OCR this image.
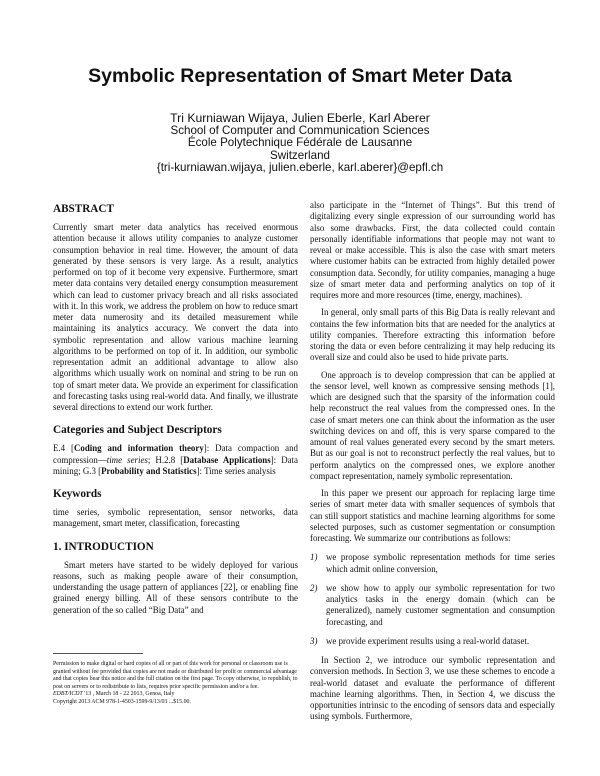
Symbolic Representation of Smart Meter Data
Tri Kurniawan Wijaya, Julien Eberle, Karl Aberer
School of Computer and Communication Sciences
École Polytechnique Fédérale de Lausanne
Switzerland
{tri-kurniawan.wijaya, julien.eberle, karl.aberer}@epfl.ch
ABSTRACT

Currently smart meter data analytics has received enormous attention because it allows utility companies to analyze customer consumption behavior in real time. However, the amount of data generated by these sensors is very large. As a result, analytics performed on top of it become very expensive. Furthermore, smart meter data contains very detailed energy consumption measurement which can lead to customer privacy breach and all risks associated with it. In this work, we address the problem on how to reduce smart meter data numerosity and its detailed measurement while maintaining its analytics accuracy. We convert the data into symbolic representation and allow various machine learning algorithms to be performed on top of it. In addition, our symbolic representation admit an additional advantage to allow also algorithms which usually work on nominal and string to be run on top of smart meter data. We provide an experiment for classification and forecasting tasks using real-world data. And finally, we illustrate several directions to extend our work further.

Categories and Subject Descriptors

E.4 [Coding and information theory]: Data compaction and compression—time series; H.2.8 [Database Applications]: Data mining; G.3 [Probability and Statistics]: Time series analysis

Keywords

time series, symbolic representation, sensor networks, data management, smart meter, classification, forecasting

1. INTRODUCTION

Smart meters have started to be widely deployed for various reasons, such as making people aware of their consumption, understanding the usage pattern of appliances [22], or enabling fine grained energy billing. All of these sensors contribute to the generation of the so called “Big Data” and

Permission to make digital or hard copies of all or part of this work for personal or classroom use is granted without fee provided that copies are not made or distributed for profit or commercial advantage and that copies bear this notice and the full citation on the first page. To copy otherwise, to republish, to post on servers or to redistribute to lists, requires prior specific permission and/or a fee.
EDBT/ICDT '13 , March 18 - 22 2013, Genoa, Italy
Copyright 2013 ACM 978-1-4503-1599-9/13/03 ...$15.00.

also participate in the “Internet of Things”. But this trend of digitalizing every single expression of our surrounding world has also some drawbacks. First, the data collected could contain personally identifiable informations that people may not want to reveal or make accessible. This is also the case with smart meters where customer habits can be extracted from highly detailed power consumption data. Secondly, for utility companies, managing a huge size of smart meter data and performing analytics on top of it requires more and more resources (time, energy, machines).

In general, only small parts of this Big Data is really relevant and contains the few information bits that are needed for the analytics at utility companies. Therefore extracting this information before storing the data or even before centralizing it may help reducing its overall size and could also be used to hide private parts.

One approach is to develop compression that can be applied at the sensor level, well known as compressive sensing methods [1], which are designed such that the sparsity of the information could help reconstruct the real values from the compressed ones. In the case of smart meters one can think about the information as the user switching devices on and off, this is very sparse compared to the amount of real values generated every second by the smart meters. But as our goal is not to reconstruct perfectly the real values, but to perform analytics on the compressed ones, we explore another compact representation, namely symbolic representation.

In this paper we present our approach for replacing large time series of smart meter data with smaller sequences of symbols that can still support statistics and machine learning algorithms for some selected purposes, such as customer segmentation or consumption forecasting. We summarize our contributions as follows:

1) we propose symbolic representation methods for time series which admit online conversion,

2) we show how to apply our symbolic representation for two analytics tasks in the energy domain (which can be generalized), namely customer segmentation and consumption forecasting, and

3) we provide experiment results using a real-world dataset.

In Section 2, we introduce our symbolic representation and conversion methods. In Section 3, we use these schemes to encode a real-world dataset and evaluate the performance of different machine learning algorithms. Then, in Section 4, we discuss the opportunities intrinsic to the encoding of sensors data and especially using symbols. Furthermore,
